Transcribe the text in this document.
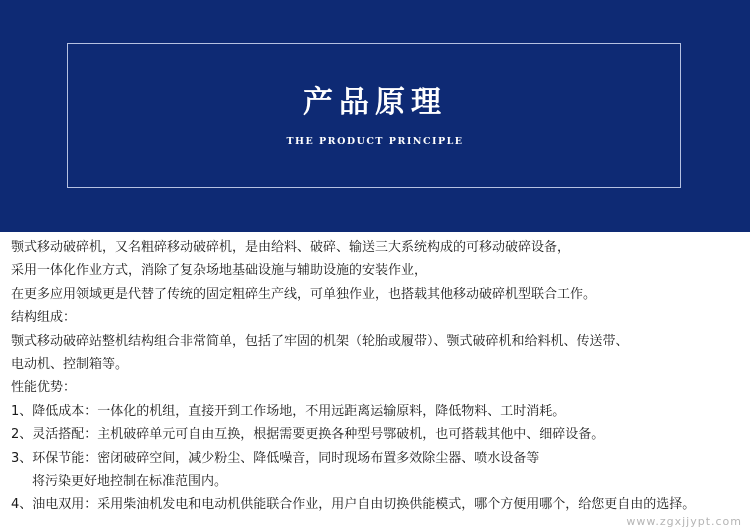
产品原理
THE PRODUCT PRINCIPLE
颚式移动破碎机，又名粗碎移动破碎机，是由给料、破碎、输送三大系统构成的可移动破碎设备，
采用一体化作业方式，消除了复杂场地基础设施与辅助设施的安装作业，
在更多应用领域更是代替了传统的固定粗碎生产线，可单独作业，也搭载其他移动破碎机型联合工作。
结构组成：
颚式移动破碎站整机结构组合非常简单，包括了牢固的机架（轮胎或履带）、颚式破碎机和给料机、传送带、
电动机、控制箱等。
性能优势：
1、降低成本：一体化的机组，直接开到工作场地，不用远距离运输原料，降低物料、工时消耗。
2、灵活搭配：主机破碎单元可自由互换，根据需要更换各种型号鄂破机，也可搭载其他中、细碎设备。
3、环保节能：密闭破碎空间，减少粉尘、降低噪音，同时现场布置多效除尘器、喷水设备等
将污染更好地控制在标准范围内。
4、油电双用：采用柴油机发电和电动机供能联合作业，用户自由切换供能模式，哪个方便用哪个，给您更自由的选择。
www.zgxjjypt.com
